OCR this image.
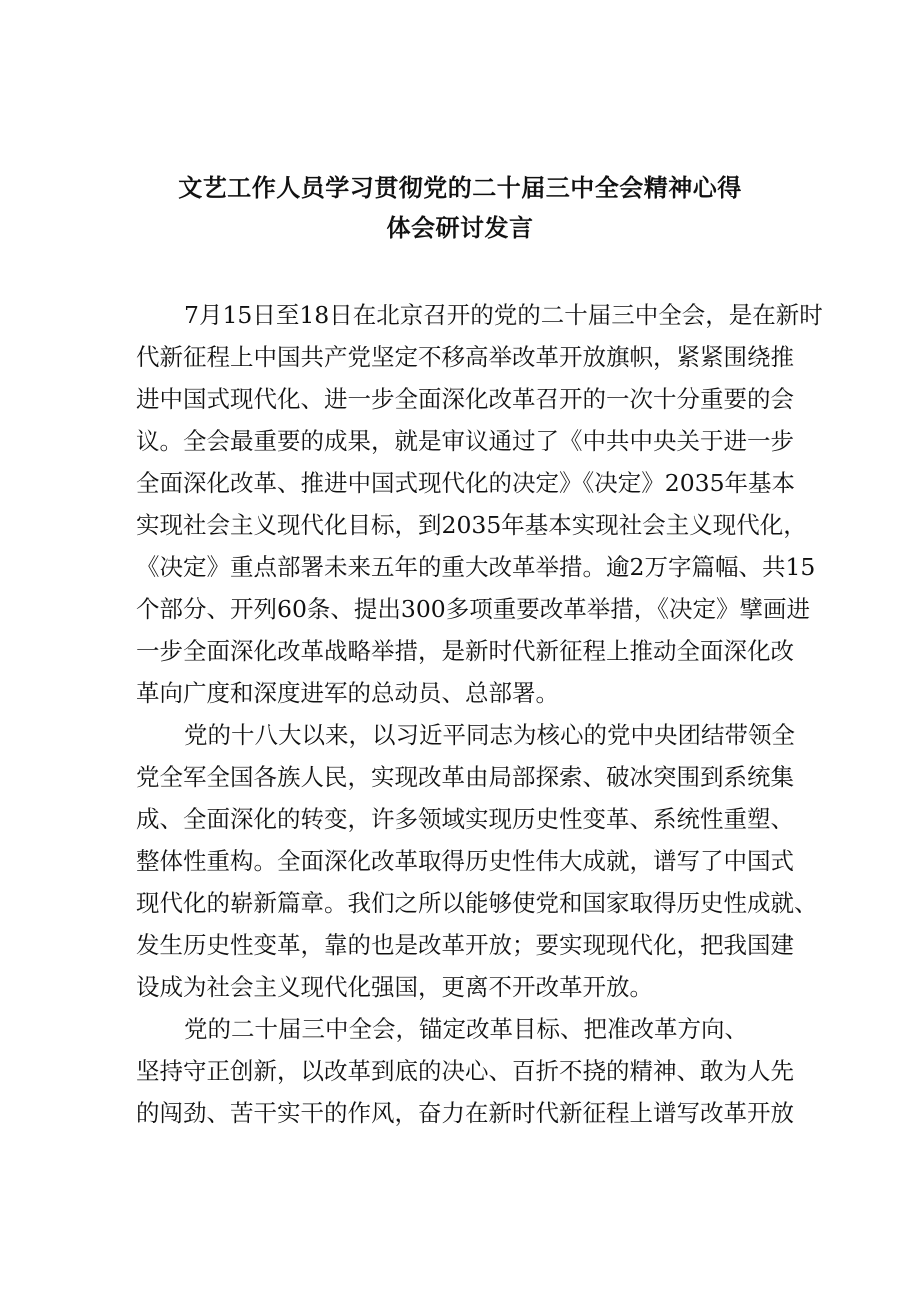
文艺工作人员学习贯彻党的二十届三中全会精神心得
体会研讨发言
7月15日至18日在北京召开的党的二十届三中全会，是在新时
代新征程上中国共产党坚定不移高举改革开放旗帜，紧紧围绕推
进中国式现代化、进一步全面深化改革召开的一次十分重要的会
议。全会最重要的成果，就是审议通过了《中共中央关于进一步
全面深化改革、推进中国式现代化的决定》《决定》2035年基本
实现社会主义现代化目标，到2035年基本实现社会主义现代化，
《决定》重点部署未来五年的重大改革举措。逾2万字篇幅、共15
个部分、开列60条、提出300多项重要改革举措，《决定》擘画进
一步全面深化改革战略举措，是新时代新征程上推动全面深化改
革向广度和深度进军的总动员、总部署。
党的十八大以来，以习近平同志为核心的党中央团结带领全
党全军全国各族人民，实现改革由局部探索、破冰突围到系统集
成、全面深化的转变，许多领域实现历史性变革、系统性重塑、
整体性重构。全面深化改革取得历史性伟大成就，谱写了中国式
现代化的崭新篇章。我们之所以能够使党和国家取得历史性成就、
发生历史性变革，靠的也是改革开放；要实现现代化，把我国建
设成为社会主义现代化强国，更离不开改革开放。
党的二十届三中全会，锚定改革目标、把准改革方向、
坚持守正创新，以改革到底的决心、百折不挠的精神、敢为人先
的闯劲、苦干实干的作风，奋力在新时代新征程上谱写改革开放
